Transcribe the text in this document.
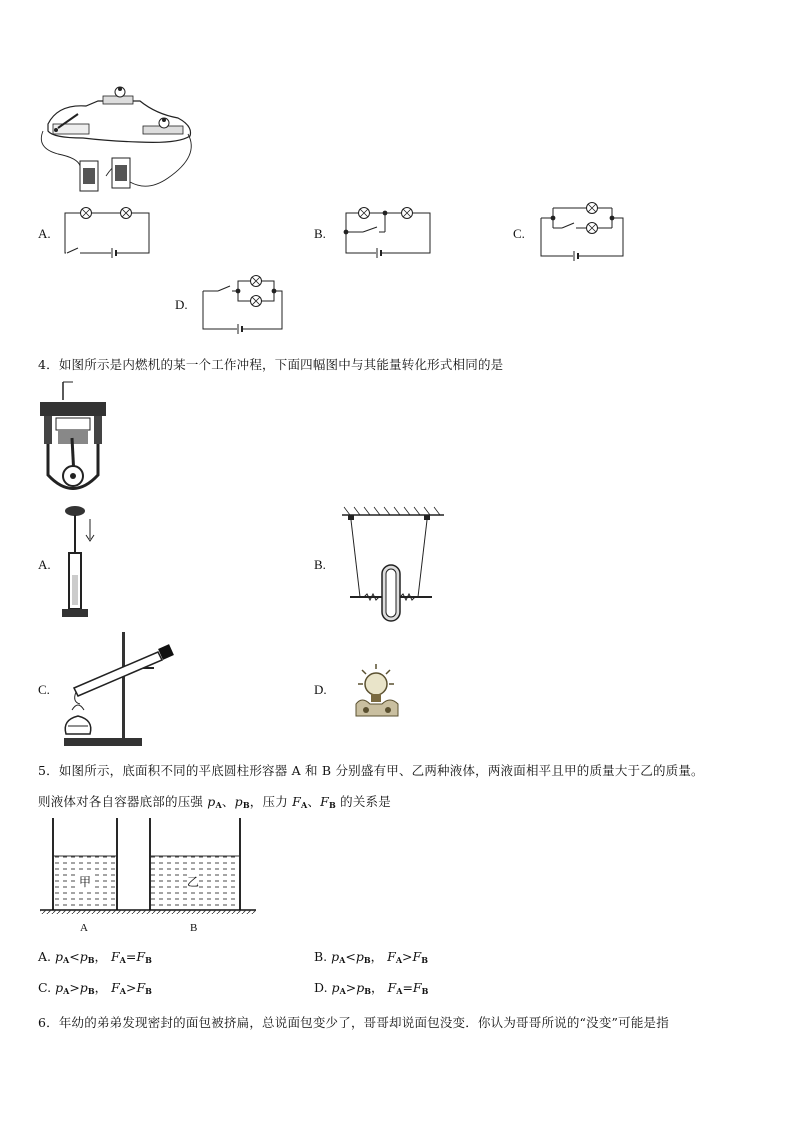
A.	B.	C.
D.
4．如图所示是内燃机的某一个工作冲程，下面四幅图中与其能量转化形式相同的是
A.	B.
C.	D.
5．如图所示，底面积不同的平底圆柱形容器 A 和 B 分别盛有甲、乙两种液体，两液面相平且甲的质量大于乙的质量。
则液体对各自容器底部的压强 $p_A$、$p_B$，压力 $F_A$、$F_B$ 的关系是
甲	乙
A	B
A. $p_A<p_B$， $F_A=F_B$	B. $p_A<p_B$， $F_A>F_B$
C. $p_A>p_B$， $F_A>F_B$	D. $p_A>p_B$， $F_A=F_B$
6．年幼的弟弟发现密封的面包被挤扁，总说面包变少了，哥哥却说面包没变．你认为哥哥所说的“没变”可能是指
